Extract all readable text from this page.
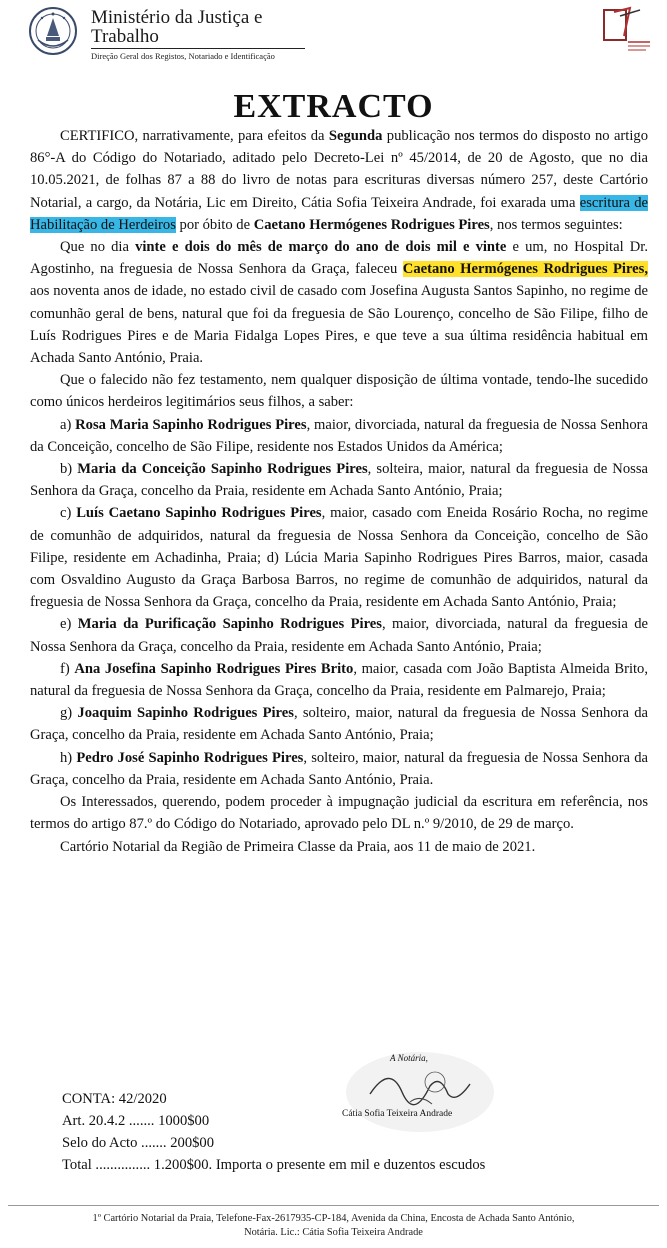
Ministério da Justiça e
Trabalho
Direção Geral dos Registos, Notariado e Identificação
EXTRACTO

CERTIFICO, narrativamente, para efeitos da Segunda publicação nos termos do disposto no artigo 86°-A do Código do Notariado, aditado pelo Decreto-Lei nº 45/2014, de 20 de Agosto, que no dia 10.05.2021, de folhas 87 a 88 do livro de notas para escrituras diversas número 257, deste Cartório Notarial, a cargo, da Notária, Lic em Direito, Cátia Sofia Teixeira Andrade, foi exarada uma escritura de Habilitação de Herdeiros por óbito de Caetano Hermógenes Rodrigues Pires, nos termos seguintes:

Que no dia vinte e dois do mês de março do ano de dois mil e vinte e um, no Hospital Dr. Agostinho, na freguesia de Nossa Senhora da Graça, faleceu Caetano Hermógenes Rodrigues Pires, aos noventa anos de idade, no estado civil de casado com Josefina Augusta Santos Sapinho, no regime de comunhão geral de bens, natural que foi da freguesia de São Lourenço, concelho de São Filipe, filho de Luís Rodrigues Pires e de Maria Fidalga Lopes Pires, e que teve a sua última residência habitual em Achada Santo António, Praia.

Que o falecido não fez testamento, nem qualquer disposição de última vontade, tendo-lhe sucedido como únicos herdeiros legitimários seus filhos, a saber:

a) Rosa Maria Sapinho Rodrigues Pires, maior, divorciada, natural da freguesia de Nossa Senhora da Conceição, concelho de São Filipe, residente nos Estados Unidos da América;

b) Maria da Conceição Sapinho Rodrigues Pires, solteira, maior, natural da freguesia de Nossa Senhora da Graça, concelho da Praia, residente em Achada Santo António, Praia;

c) Luís Caetano Sapinho Rodrigues Pires, maior, casado com Eneida Rosário Rocha, no regime de comunhão de adquiridos, natural da freguesia de Nossa Senhora da Conceição, concelho de São Filipe, residente em Achadinha, Praia; d) Lúcia Maria Sapinho Rodrigues Pires Barros, maior, casada com Osvaldino Augusto da Graça Barbosa Barros, no regime de comunhão de adquiridos, natural da freguesia de Nossa Senhora da Graça, concelho da Praia, residente em Achada Santo António, Praia;

e) Maria da Purificação Sapinho Rodrigues Pires, maior, divorciada, natural da freguesia de Nossa Senhora da Graça, concelho da Praia, residente em Achada Santo António, Praia;

f) Ana Josefina Sapinho Rodrigues Pires Brito, maior, casada com João Baptista Almeida Brito, natural da freguesia de Nossa Senhora da Graça, concelho da Praia, residente em Palmarejo, Praia;

g) Joaquim Sapinho Rodrigues Pires, solteiro, maior, natural da freguesia de Nossa Senhora da Graça, concelho da Praia, residente em Achada Santo António, Praia;

h) Pedro José Sapinho Rodrigues Pires, solteiro, maior, natural da freguesia de Nossa Senhora da Graça, concelho da Praia, residente em Achada Santo António, Praia.

Os Interessados, querendo, podem proceder à impugnação judicial da escritura em referência, nos termos do artigo 87.º do Código do Notariado, aprovado pelo DL n.º 9/2010, de 29 de março.

Cartório Notarial da Região de Primeira Classe da Praia, aos 11 de maio de 2021.

A Notária,
Cátia Sofia Teixeira Andrade
CONTA: 42/2020
Art. 20.4.2 ....... 1000$00
Selo do Acto ....... 200$00
Total ............... 1.200$00. Importa o presente em mil e duzentos escudos
1º Cartório Notarial da Praia, Telefone-Fax-2617935-CP-184, Avenida da China, Encosta de Achada Santo António,
Notária. Lic.: Cátia Sofia Teixeira Andrade
